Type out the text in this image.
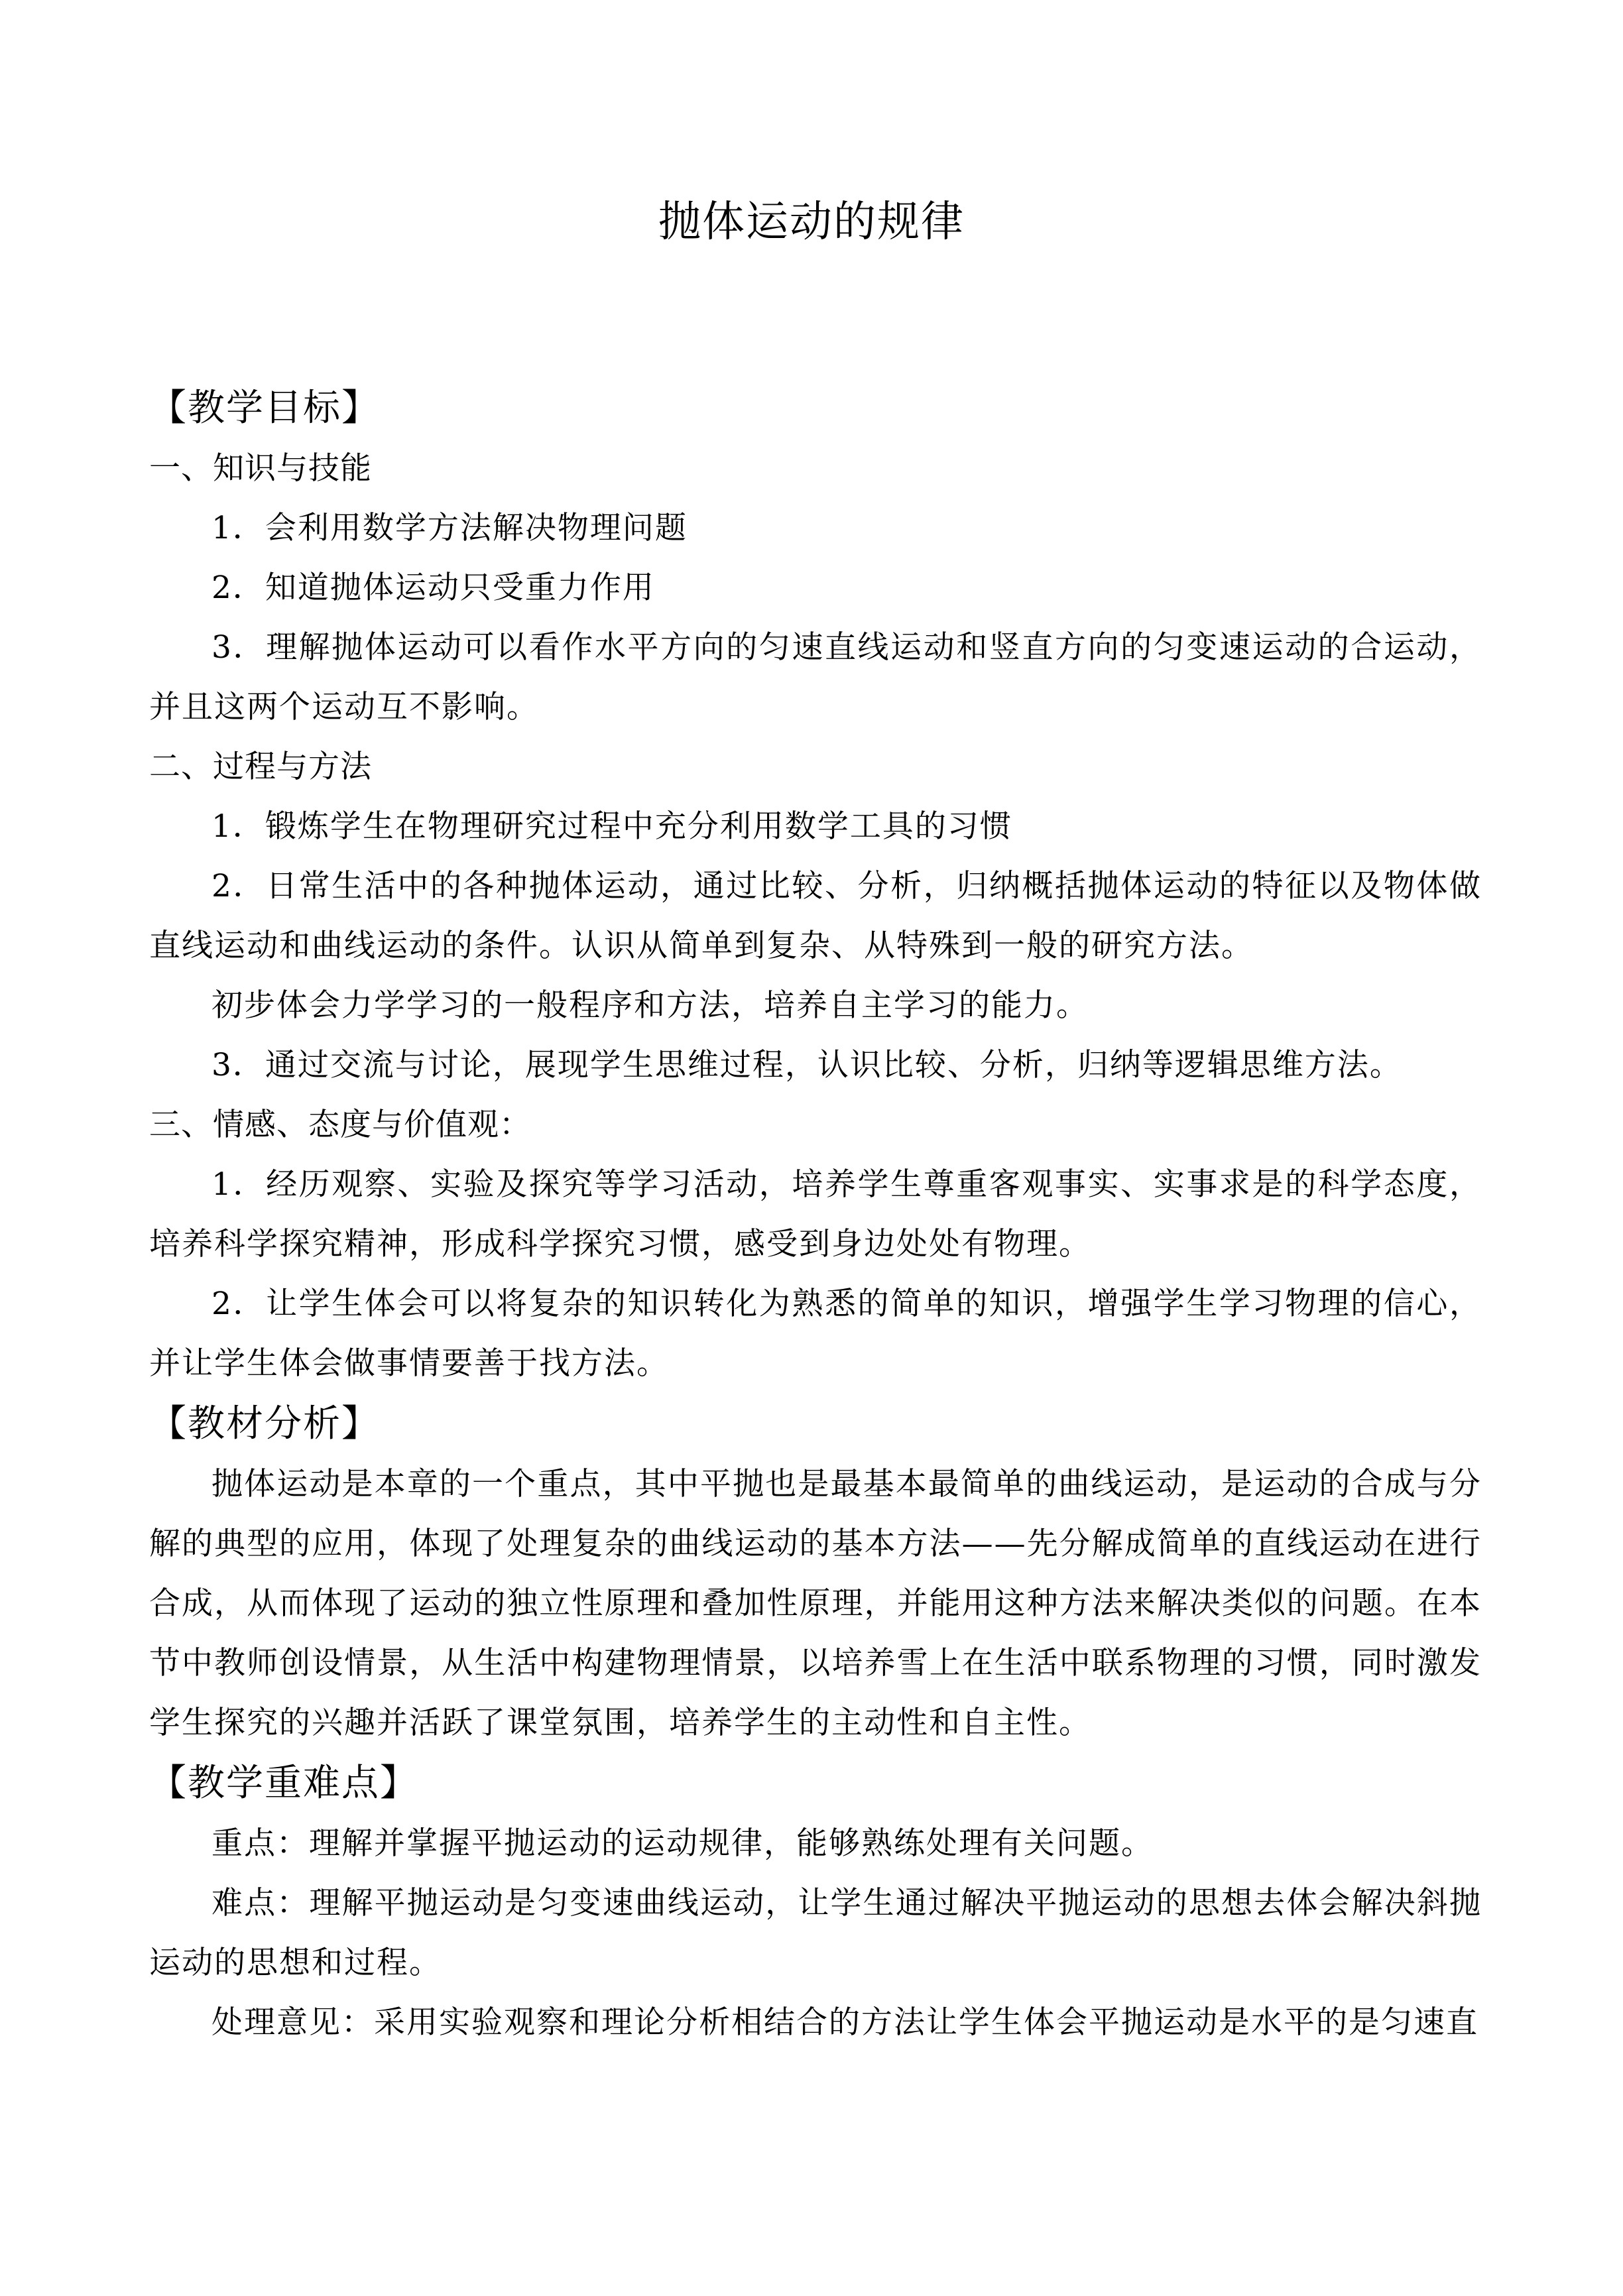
抛体运动的规律
【教学目标】
一、知识与技能

1．会利用数学方法解决物理问题

2．知道抛体运动只受重力作用

3．理解抛体运动可以看作水平方向的匀速直线运动和竖直方向的匀变速运动的合运动，并且这两个运动互不影响。

二、过程与方法

1．锻炼学生在物理研究过程中充分利用数学工具的习惯

2．日常生活中的各种抛体运动，通过比较、分析，归纳概括抛体运动的特征以及物体做直线运动和曲线运动的条件。认识从简单到复杂、从特殊到一般的研究方法。

初步体会力学学习的一般程序和方法，培养自主学习的能力。

3．通过交流与讨论，展现学生思维过程，认识比较、分析，归纳等逻辑思维方法。

三、情感、态度与价值观：

1．经历观察、实验及探究等学习活动，培养学生尊重客观事实、实事求是的科学态度，培养科学探究精神，形成科学探究习惯，感受到身边处处有物理。

2．让学生体会可以将复杂的知识转化为熟悉的简单的知识，增强学生学习物理的信心，并让学生体会做事情要善于找方法。

【教材分析】

抛体运动是本章的一个重点，其中平抛也是最基本最简单的曲线运动，是运动的合成与分解的典型的应用，体现了处理复杂的曲线运动的基本方法——先分解成简单的直线运动在进行合成，从而体现了运动的独立性原理和叠加性原理，并能用这种方法来解决类似的问题。在本节中教师创设情景，从生活中构建物理情景，以培养雪上在生活中联系物理的习惯，同时激发学生探究的兴趣并活跃了课堂氛围，培养学生的主动性和自主性。

【教学重难点】

重点：理解并掌握平抛运动的运动规律，能够熟练处理有关问题。

难点：理解平抛运动是匀变速曲线运动，让学生通过解决平抛运动的思想去体会解决斜抛运动的思想和过程。

处理意见：采用实验观察和理论分析相结合的方法让学生体会平抛运动是水平的是匀速直
